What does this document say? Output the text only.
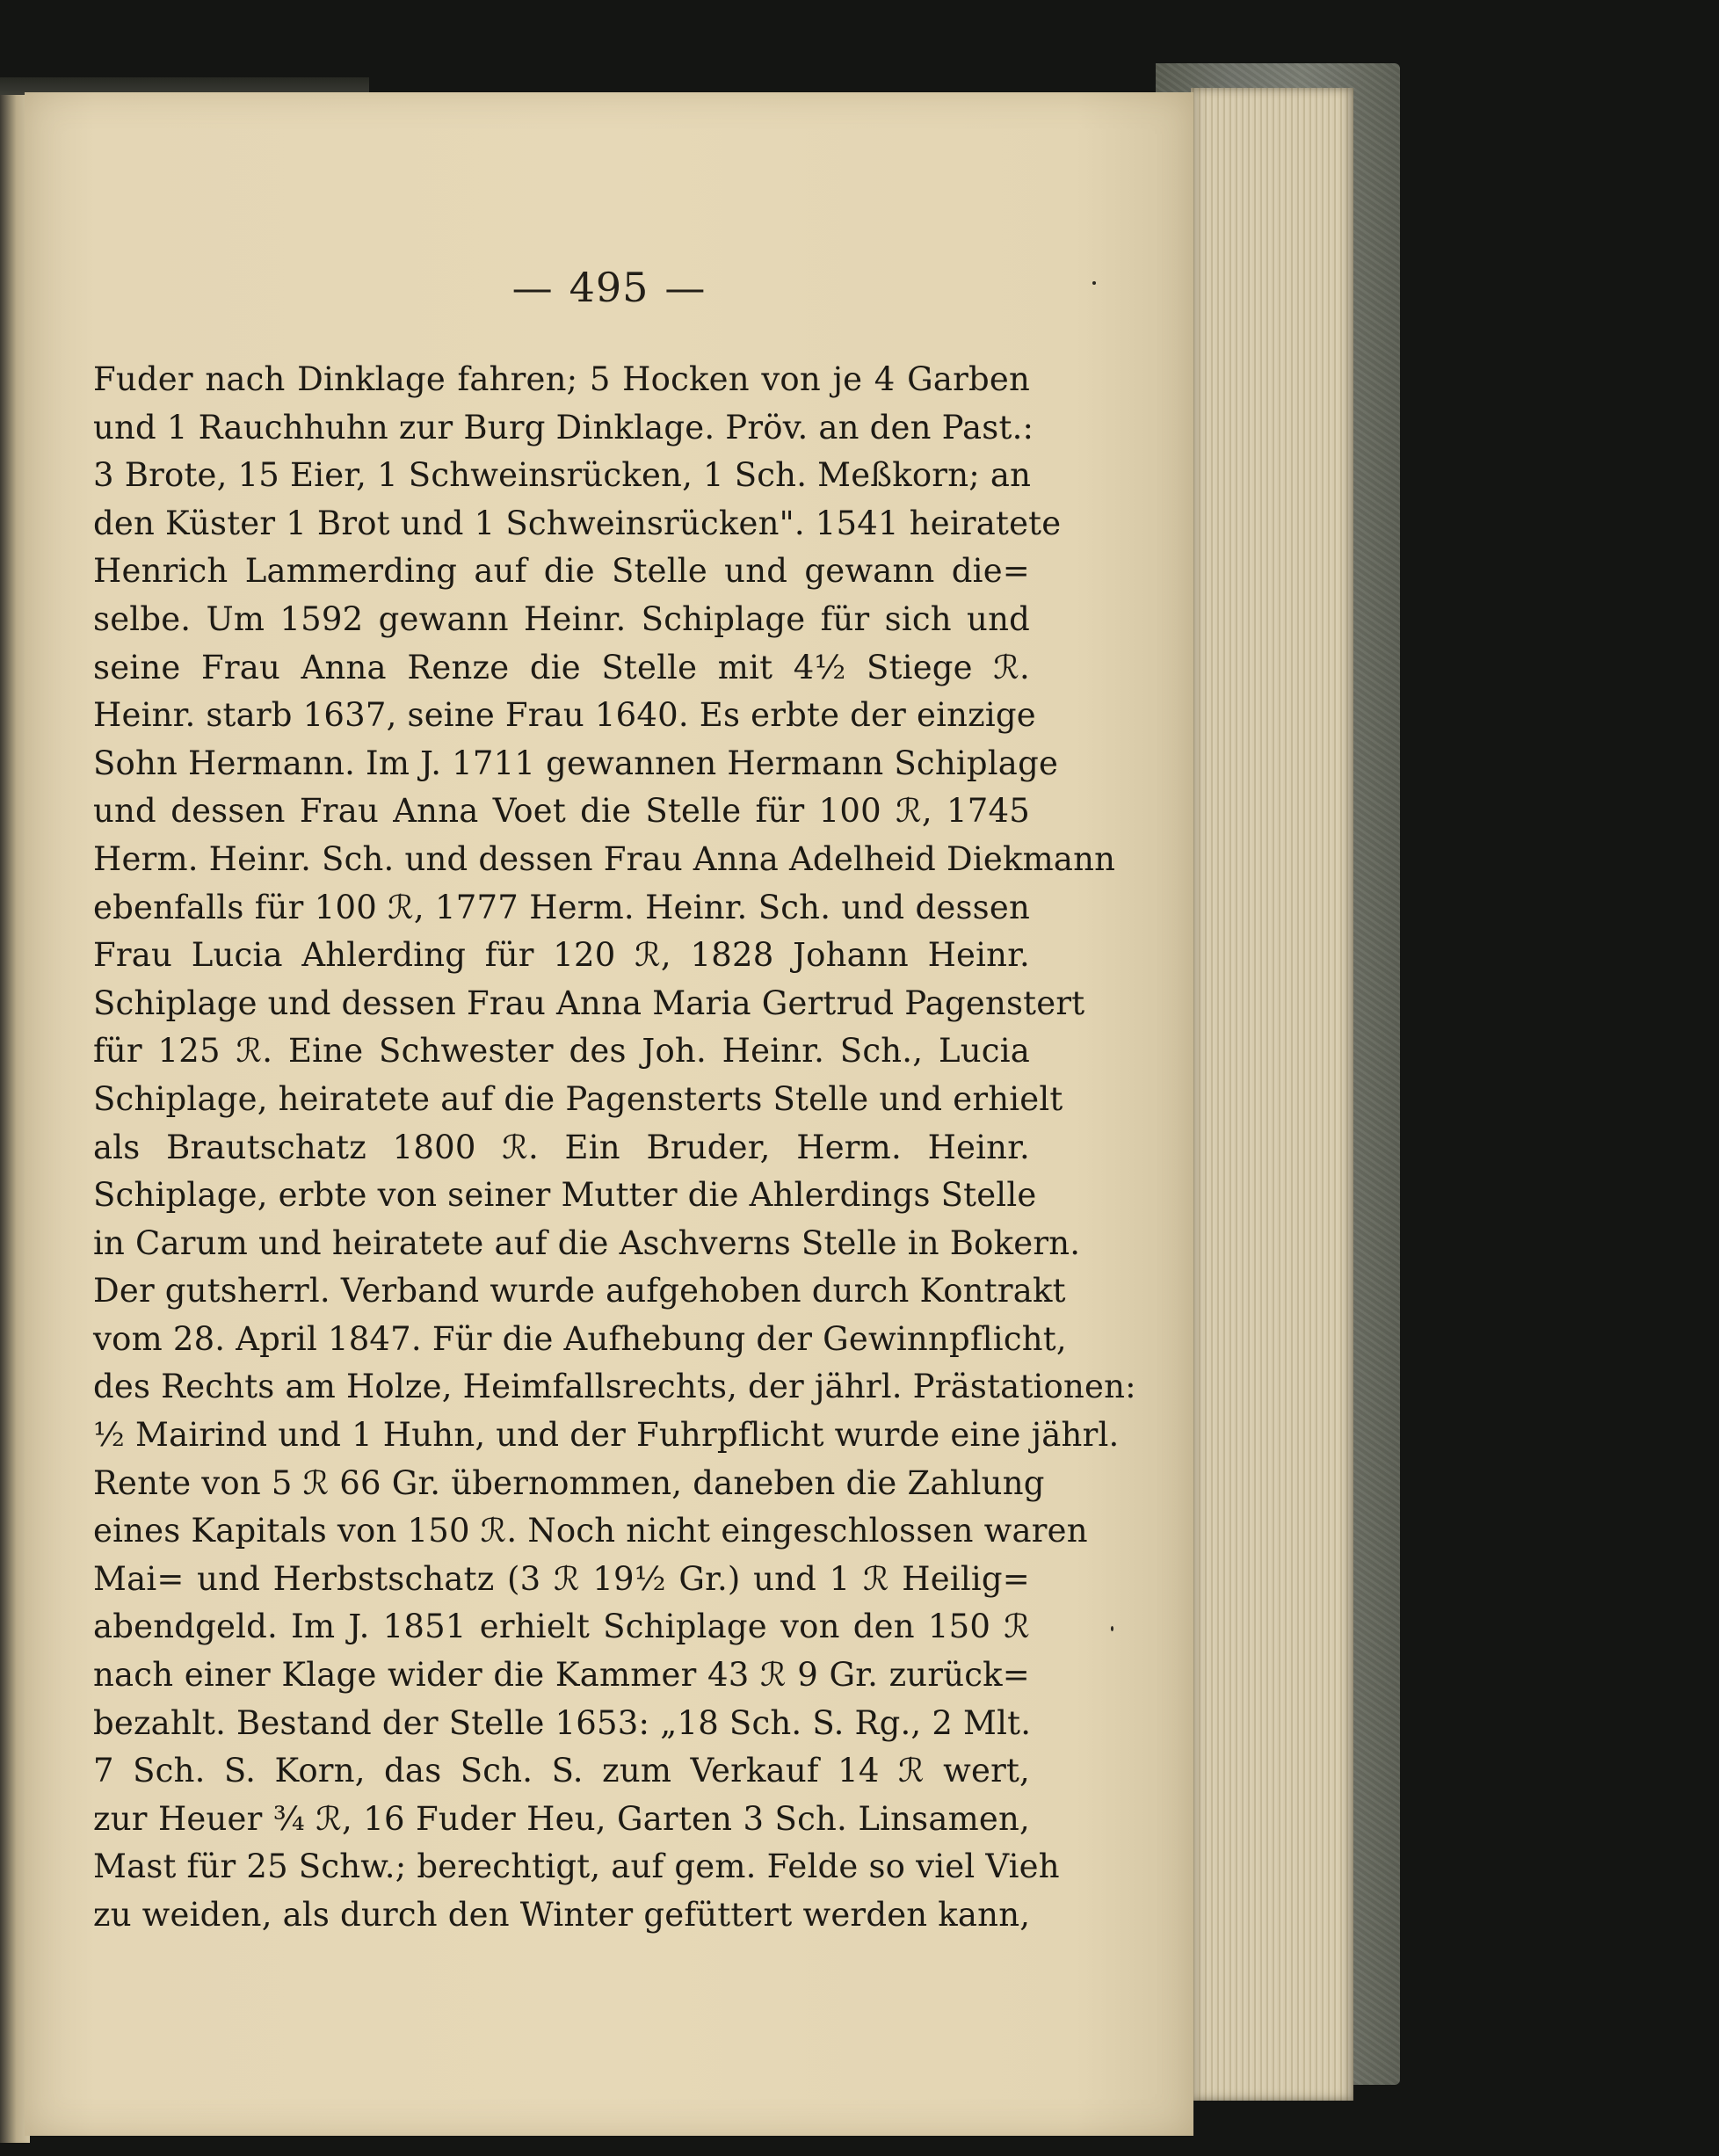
— 495 —
Fuder nach Dinklage fahren; 5 Hocken von je 4 Garben
und 1 Rauchhuhn zur Burg Dinklage. Pröv. an den Past.:
3 Brote, 15 Eier, 1 Schweinsrücken, 1 Sch. Meßkorn; an
den Küster 1 Brot und 1 Schweinsrücken". 1541 heiratete
Henrich Lammerding auf die Stelle und gewann die=
selbe. Um 1592 gewann Heinr. Schiplage für sich und
seine Frau Anna Renze die Stelle mit 4½ Stiege ℛ.
Heinr. starb 1637, seine Frau 1640. Es erbte der einzige
Sohn Hermann. Im J. 1711 gewannen Hermann Schiplage
und dessen Frau Anna Voet die Stelle für 100 ℛ, 1745
Herm. Heinr. Sch. und dessen Frau Anna Adelheid Diekmann
ebenfalls für 100 ℛ, 1777 Herm. Heinr. Sch. und dessen
Frau Lucia Ahlerding für 120 ℛ, 1828 Johann Heinr.
Schiplage und dessen Frau Anna Maria Gertrud Pagenstert
für 125 ℛ. Eine Schwester des Joh. Heinr. Sch., Lucia
Schiplage, heiratete auf die Pagensterts Stelle und erhielt
als Brautschatz 1800 ℛ. Ein Bruder, Herm. Heinr.
Schiplage, erbte von seiner Mutter die Ahlerdings Stelle
in Carum und heiratete auf die Aschverns Stelle in Bokern.
Der gutsherrl. Verband wurde aufgehoben durch Kontrakt
vom 28. April 1847. Für die Aufhebung der Gewinnpflicht,
des Rechts am Holze, Heimfallsrechts, der jährl. Prästationen:
½ Mairind und 1 Huhn, und der Fuhrpflicht wurde eine jährl.
Rente von 5 ℛ 66 Gr. übernommen, daneben die Zahlung
eines Kapitals von 150 ℛ. Noch nicht eingeschlossen waren
Mai= und Herbstschatz (3 ℛ 19½ Gr.) und 1 ℛ Heilig=
abendgeld. Im J. 1851 erhielt Schiplage von den 150 ℛ
nach einer Klage wider die Kammer 43 ℛ 9 Gr. zurück=
bezahlt. Bestand der Stelle 1653: „18 Sch. S. Rg., 2 Mlt.
7 Sch. S. Korn, das Sch. S. zum Verkauf 14 ℛ wert,
zur Heuer ¾ ℛ, 16 Fuder Heu, Garten 3 Sch. Linsamen,
Mast für 25 Schw.; berechtigt, auf gem. Felde so viel Vieh
zu weiden, als durch den Winter gefüttert werden kann,
